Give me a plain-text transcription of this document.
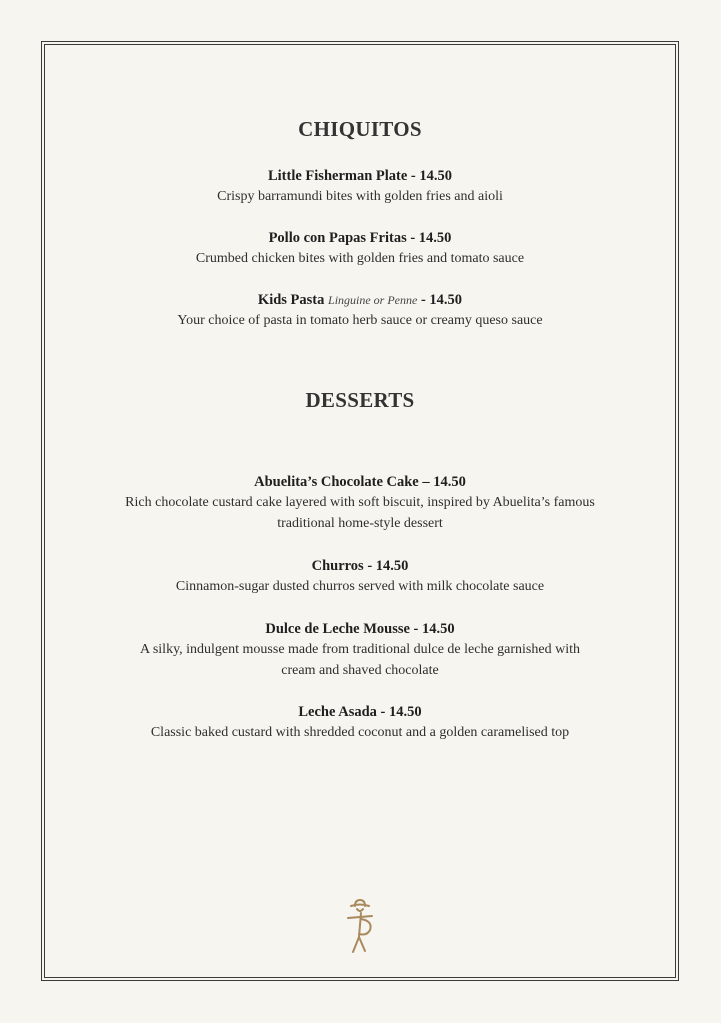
CHIQUITOS
Little Fisherman Plate - 14.50
Crispy barramundi bites with golden fries and aioli
Pollo con Papas Fritas - 14.50
Crumbed chicken bites with golden fries and tomato sauce
Kids Pasta Linguine or Penne - 14.50
Your choice of pasta in tomato herb sauce or creamy queso sauce
DESSERTS
Abuelita’s Chocolate Cake – 14.50
Rich chocolate custard cake layered with soft biscuit, inspired by Abuelita’s famous
traditional home-style dessert
Churros - 14.50
Cinnamon-sugar dusted churros served with milk chocolate sauce
Dulce de Leche Mousse - 14.50
A silky, indulgent mousse made from traditional dulce de leche garnished with
cream and shaved chocolate
Leche Asada - 14.50
Classic baked custard with shredded coconut and a golden caramelised top
